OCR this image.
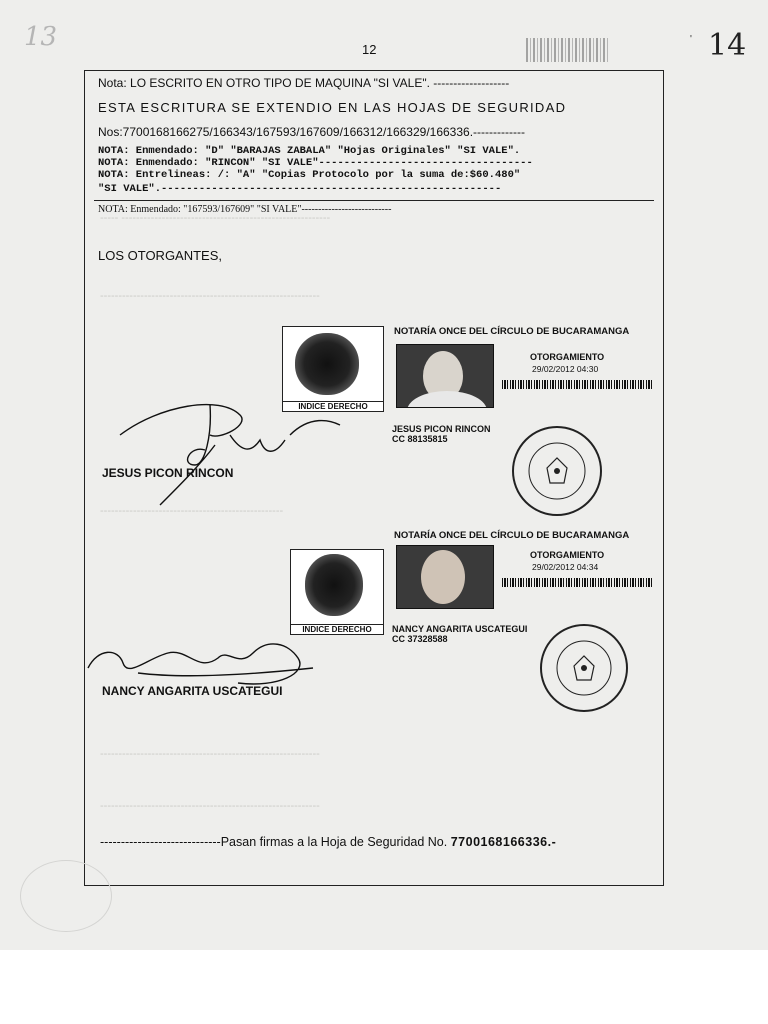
----- ---------------------------------------------------------
------------------------------------------------------------
--------------------------------------------------
------------------------------------------------------------
------------------------------------------------------------
13	12
' 14
Nota: LO ESCRITO EN OTRO TIPO DE MAQUINA "SI VALE". -------------------
ESTA ESCRITURA SE EXTENDIO EN LAS HOJAS DE SEGURIDAD
Nos:7700168166275/166343/167593/167609/166312/166329/166336.-------------
NOTA: Enmendado: "D" "BARAJAS ZABALA" "Hojas Originales" "SI VALE".
NOTA: Enmendado: "RINCON" "SI VALE"----------------------------------
NOTA: Entrelineas: /: "A" "Copias Protocolo por la suma de:$60.480"
"SI VALE".------------------------------------------------------
NOTA: Enmendado: "167593/167609" "SI VALE"---------------------------
LOS OTORGANTES,
INDICE DERECHO
NOTARÍA ONCE DEL CÍRCULO DE BUCARAMANGA
OTORGAMIENTO
29/02/2012 04:30
JESUS PICON RINCON
CC 88135815
JESUS PICON RINCON
NOTARÍA ONCE DEL CÍRCULO DE BUCARAMANGA
INDICE DERECHO
OTORGAMIENTO
29/02/2012 04:34
NANCY ANGARITA USCATEGUI
CC 37328588
NANCY ANGARITA USCATEGUI
-----------------------------Pasan firmas a la Hoja de Seguridad No. 7700168166336.-
